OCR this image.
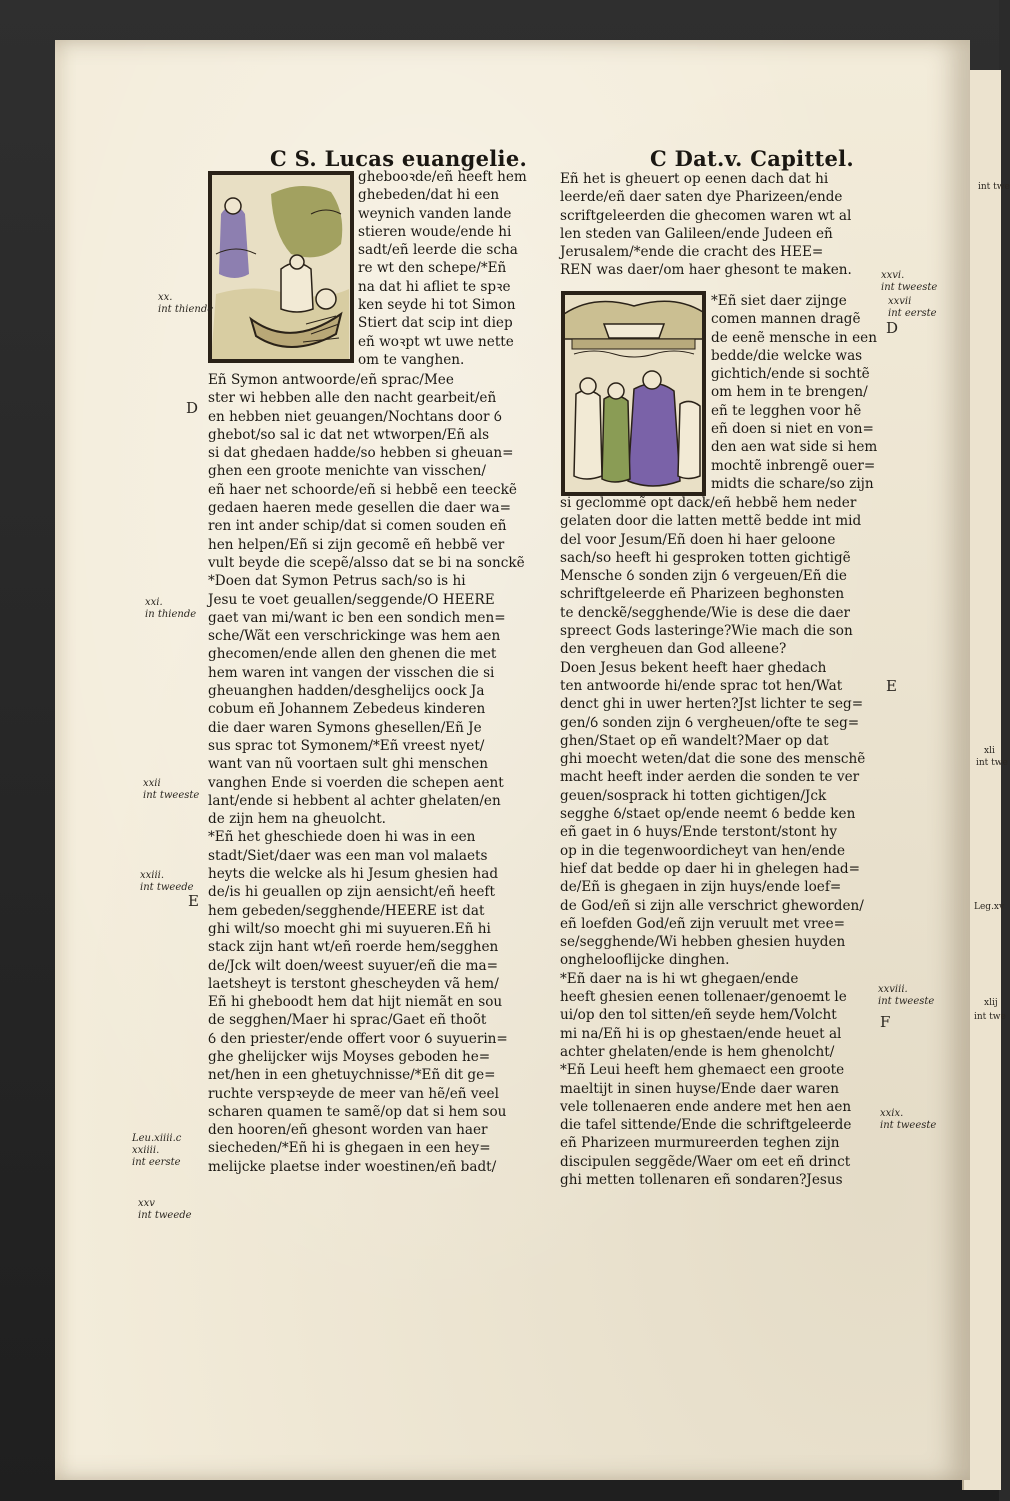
int twe
xli
int twe
Leg.xv
xlij
int twe
C S. Lucas euangelie.	C Dat.v. Capittel.
ghebooꝛde/eñ heeft hem
ghebeden/dat hi een
weynich vanden lande
stieren woude/ende hi
sadt/eñ leerde die scha
re wt den schepe/*Eñ
na dat hi afliet te spꝛe
ken seyde hi tot Simon
Stiert dat scip int diep
eñ woꝛpt wt uwe nette
om te vanghen.
Eñ Symon antwoorde/eñ sprac/Mee
ster wi hebben alle den nacht gearbeit/eñ
en hebben niet geuangen/Nochtans door ỽ
ghebot/so sal ic dat net wtworpen/Eñ als
si dat ghedaen hadde/so hebben si gheuan=
ghen een groote menichte van visschen/
eñ haer net schoorde/eñ si hebbẽ een teeckẽ
gedaen haeren mede gesellen die daer wa=
ren int ander schip/dat si comen souden eñ
hen helpen/Eñ si zijn gecomẽ eñ hebbẽ ver
vult beyde die scepẽ/alsso dat se bi na sonckẽ
*Doen dat Symon Petrus sach/so is hi
Jesu te voet geuallen/seggende/O HEERE
gaet van mi/want ic ben een sondich men=
sche/Wãt een verschrickinge was hem aen
ghecomen/ende allen den ghenen die met
hem waren int vangen der visschen die si
gheuanghen hadden/desghelijcs oock Ja
cobum eñ Johannem Zebedeus kinderen
die daer waren Symons ghesellen/Eñ Je
sus sprac tot Symonem/*Eñ vreest nyet/
want van nũ voortaen sult ghi menschen
vanghen Ende si voerden die schepen aent
lant/ende si hebbent al achter ghelaten/en
de zijn hem na gheuolcht.
*Eñ het gheschiede doen hi was in een
stadt/Siet/daer was een man vol malaets
heyts die welcke als hi Jesum ghesien had
de/is hi geuallen op zijn aensicht/eñ heeft
hem gebeden/segghende/HEERE ist dat
ghi wilt/so moecht ghi mi suyueren.Eñ hi
stack zijn hant wt/eñ roerde hem/segghen
de/Jck wilt doen/weest suyuer/eñ die ma=
laetsheyt is terstont ghescheyden vã hem/
Eñ hi gheboodt hem dat hijt niemãt en sou
de segghen/Maer hi sprac/Gaet eñ thoõt
ỽ den priester/ende offert voor ỽ suyuerin=
ghe ghelijcker wijs Moyses geboden he=
net/hen in een ghetuychnisse/*Eñ dit ge=
ruchte verspꝛeyde de meer van hẽ/eñ veel
scharen quamen te samẽ/op dat si hem sou
den hooren/eñ ghesont worden van haer
siecheden/*Eñ hi is ghegaen in een hey=
melijcke plaetse inder woestinen/eñ badt/
Eñ het is gheuert op eenen dach dat hi
leerde/eñ daer saten dye Pharizeen/ende
scriftgeleerden die ghecomen waren wt al
len steden van Galileen/ende Judeen eñ
Jerusalem/*ende die cracht des HEE=
REN was daer/om haer ghesont te maken.
*Eñ siet daer zijnge
comen mannen dragẽ
de eenẽ mensche in een
bedde/die welcke was
gichtich/ende si sochtẽ
om hem in te brengen/
eñ te legghen voor hẽ
eñ doen si niet en von=
den aen wat side si hem
mochtẽ inbrengẽ ouer=
midts die schare/so zijn
si geclommẽ opt dack/eñ hebbẽ hem neder
gelaten door die latten mettẽ bedde int mid
del voor Jesum/Eñ doen hi haer geloone
sach/so heeft hi gesproken totten gichtigẽ
Mensche ỽ sonden zijn ỽ vergeuen/Eñ die
schriftgeleerde eñ Pharizeen beghonsten
te denckẽ/segghende/Wie is dese die daer
spreect Gods lasteringe?Wie mach die son
den vergheuen dan God alleene?
Doen Jesus bekent heeft haer ghedach
ten antwoorde hi/ende sprac tot hen/Wat
denct ghi in uwer herten?Jst lichter te seg=
gen/ỽ sonden zijn ỽ vergheuen/ofte te seg=
ghen/Staet op eñ wandelt?Maer op dat
ghi moecht weten/dat die sone des menschẽ
macht heeft inder aerden die sonden te ver
geuen/sosprack hi totten gichtigen/Jck
segghe ỽ/staet op/ende neemt ỽ bedde ken
eñ gaet in ỽ huys/Ende terstont/stont hy
op in die tegenwoordicheyt van hen/ende
hief dat bedde op daer hi in ghelegen had=
de/Eñ is ghegaen in zijn huys/ende loef=
de God/eñ si zijn alle verschrict gheworden/
eñ loefden God/eñ zijn veruult met vree=
se/segghende/Wi hebben ghesien huyden
onghelooflijcke dinghen.
*Eñ daer na is hi wt ghegaen/ende
heeft ghesien eenen tollenaer/genoemt le
ui/op den tol sitten/eñ seyde hem/Volcht
mi na/Eñ hi is op ghestaen/ende heuet al
achter ghelaten/ende is hem ghenolcht/
*Eñ Leui heeft hem ghemaect een groote
maeltijt in sinen huyse/Ende daer waren
vele tollenaeren ende andere met hen aen
die tafel sittende/Ende die schriftgeleerde
eñ Pharizeen murmureerden teghen zijn
discipulen seggẽde/Waer om eet eñ drinct
ghi metten tollenaren eñ sondaren?Jesus
xx.
int thiende
D
xxi.
in thiende
xxii
int tweeste
xxiii.
int tweede
E
Leu.xiiii.c
xxiiii.
int eerste
xxv
int tweede
xxvi.
int tweeste
xxvii
int eerste
D
E
xxviii.
int tweeste
F
xxix.
int tweeste
